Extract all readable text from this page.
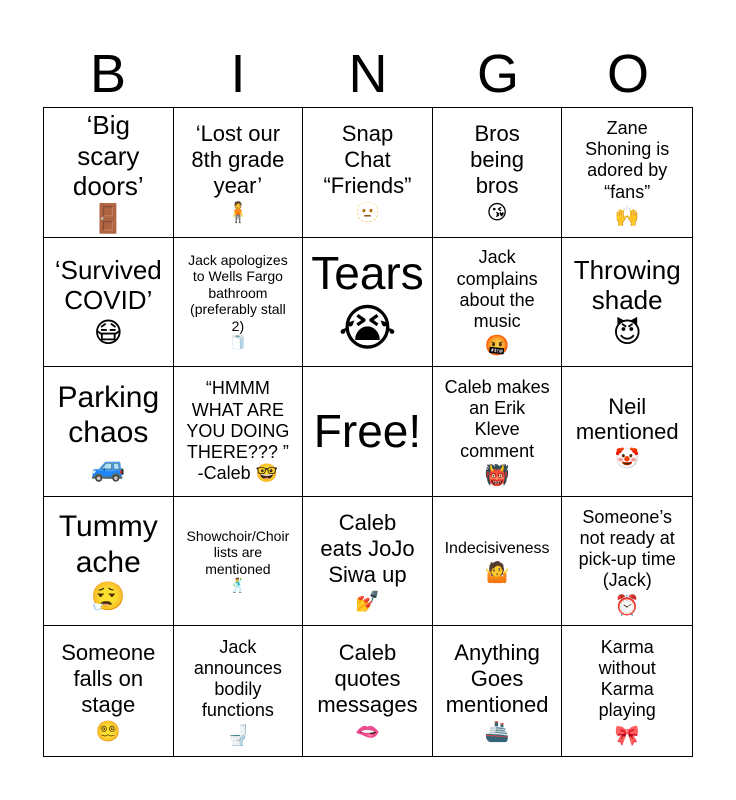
B	I	N	G	O
‘Big scary
doors’
🚪
‘Lost our
8th grade
year’
🧍
Snap
Chat
“Friends”
🫥
Bros
being
bros
😘
Zane
Shoning is
adored by
“fans”
🙌
‘Survived
COVID’
😷
Jack apologizes
to Wells Fargo
bathroom
(preferably stall
2)
🧻
Tears
😭
Jack
complains
about the
music
🤬
Throwing
shade
😈
Parking
chaos
🚙
“HMMM
WHAT ARE
YOU DOING
THERE??? ”
-Caleb 🤓
Free!
Caleb makes
an Erik
Kleve
comment
👹
Neil
mentioned
🤡
Tummy
ache
😮‍💨
Showchoir/Choir
lists are
mentioned
🕺
Caleb
eats JoJo
Siwa up
💅
Indecisiveness
🤷
Someone’s
not ready at
pick-up time
(Jack)
⏰
Someone
falls on
stage
😵‍💫
Jack
announces
bodily
functions
🚽
Caleb
quotes
messages
🫦
Anything
Goes
mentioned
🚢
Karma
without
Karma
playing
🎀
